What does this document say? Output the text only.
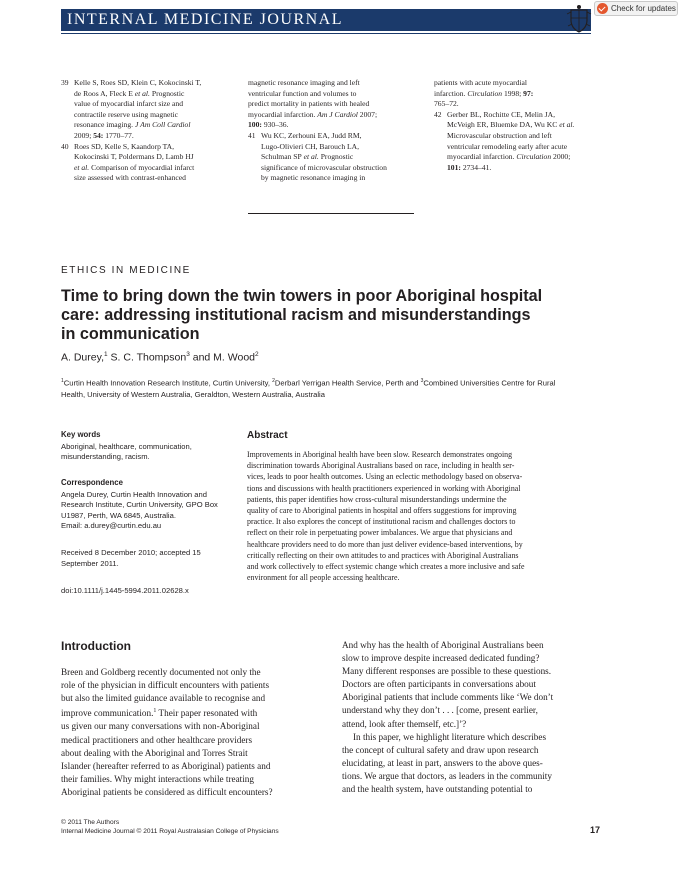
INTERNAL MEDICINE JOURNAL
Check for updates
39 Kelle S, Roes SD, Klein C, Kokocinski T,
de Roos A, Fleck E et al. Prognostic
value of myocardial infarct size and
contractile reserve using magnetic
resonance imaging. J Am Coll Cardiol
2009; 54: 1770–77.
40 Roes SD, Kelle S, Kaandorp TA,
Kokocinski T, Poldermans D, Lamb HJ
et al. Comparison of myocardial infarct
size assessed with contrast-enhanced
magnetic resonance imaging and left
ventricular function and volumes to
predict mortality in patients with healed
myocardial infarction. Am J Cardiol 2007;
100: 930–36.
41 Wu KC, Zerhouni EA, Judd RM,
Lugo-Olivieri CH, Barouch LA,
Schulman SP et al. Prognostic
significance of microvascular obstruction
by magnetic resonance imaging in
patients with acute myocardial
infarction. Circulation 1998; 97:
765–72.
42 Gerber BL, Rochitte CE, Melin JA,
McVeigh ER, Bluemke DA, Wu KC et al.
Microvascular obstruction and left
ventricular remodeling early after acute
myocardial infarction. Circulation 2000;
101: 2734–41.
ETHICS IN MEDICINE
Time to bring down the twin towers in poor Aboriginal hospital
care: addressing institutional racism and misunderstandings
in communication
A. Durey,$^1$ S. C. Thompson$^3$ and M. Wood$^2$
$^1$Curtin Health Innovation Research Institute, Curtin University, $^2$Derbarl Yerrigan Health Service, Perth and $^3$Combined Universities Centre for Rural
Health, University of Western Australia, Geraldton, Western Australia, Australia
Key words
Aboriginal, healthcare, communication,
misunderstanding, racism.
Correspondence
Angela Durey, Curtin Health Innovation and
Research Institute, Curtin University, GPO Box
U1987, Perth, WA 6845, Australia.
Email: a.durey@curtin.edu.au
Received 8 December 2010; accepted 15
September 2011.
doi:10.1111/j.1445-5994.2011.02628.x
Abstract
Improvements in Aboriginal health have been slow. Research demonstrates ongoing
discrimination towards Aboriginal Australians based on race, including in health ser-
vices, leads to poor health outcomes. Using an eclectic methodology based on observa-
tions and discussions with health practitioners experienced in working with Aboriginal
patients, this paper identifies how cross-cultural misunderstandings undermine the
quality of care to Aboriginal patients in hospital and offers suggestions for improving
practice. It also explores the concept of institutional racism and challenges doctors to
reflect on their role in perpetuating power imbalances. We argue that physicians and
healthcare providers need to do more than just deliver evidence-based interventions, by
critically reflecting on their own attitudes to and practices with Aboriginal Australians
and work collectively to effect systemic change which creates a more inclusive and safe
environment for all people accessing healthcare.
Introduction

Breen and Goldberg recently documented not only the
role of the physician in difficult encounters with patients
but also the limited guidance available to recognise and
improve communication.$^1$ Their paper resonated with
us given our many conversations with non-Aboriginal
medical practitioners and other healthcare providers
about dealing with the Aboriginal and Torres Strait
Islander (hereafter referred to as Aboriginal) patients and
their families. Why might interactions while treating
Aboriginal patients be considered as difficult encounters?

And why has the health of Aboriginal Australians been
slow to improve despite increased dedicated funding?
Many different responses are possible to these questions.
Doctors are often participants in conversations about
Aboriginal patients that include comments like ‘We don’t
understand why they don’t . . . [come, present earlier,
attend, look after themself, etc.]’?

In this paper, we highlight literature which describes
the concept of cultural safety and draw upon research
elucidating, at least in part, answers to the above ques-
tions. We argue that doctors, as leaders in the community
and the health system, have outstanding potential to

© 2011 The Authors
Internal Medicine Journal © 2011 Royal Australasian College of Physicians	17
